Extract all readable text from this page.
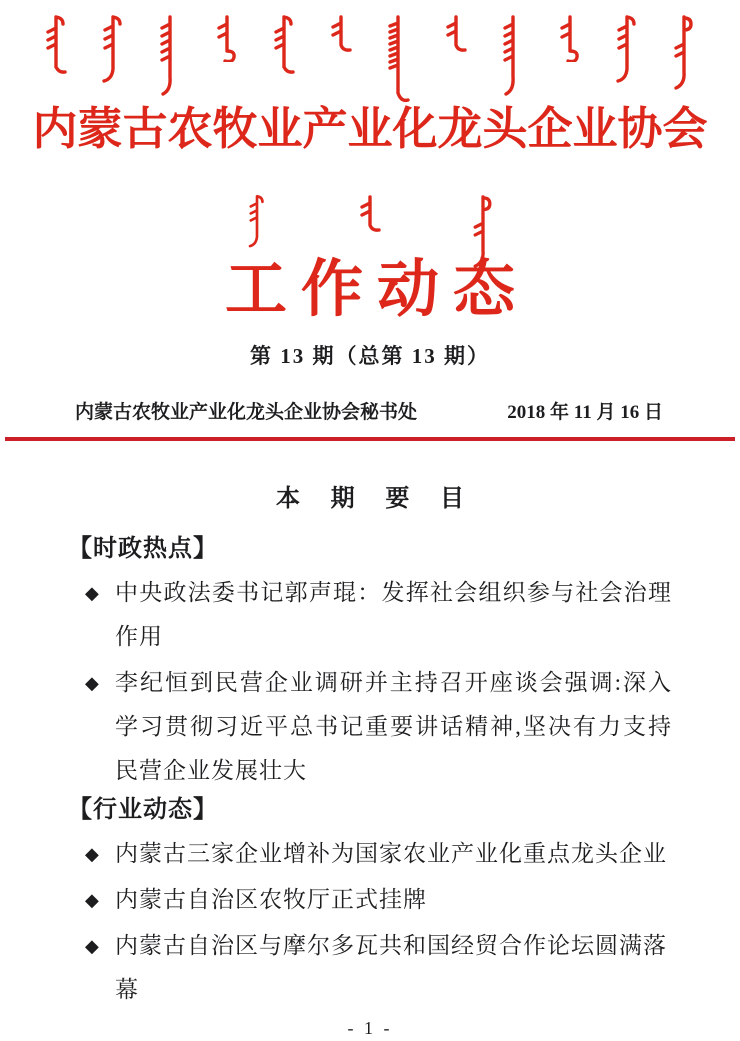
内蒙古农牧业产业化龙头企业协会
工作动态
第 13 期（总第 13 期）
内蒙古农牧业产业化龙头企业协会秘书处	2018 年 11 月 16 日
本 期 要 目
【时政热点】
◆ 中央政法委书记郭声琨：发挥社会组织参与社会治理
作用
◆ 李纪恒到民营企业调研并主持召开座谈会强调:深入
学习贯彻习近平总书记重要讲话精神,坚决有力支持
民营企业发展壮大
【行业动态】
◆ 内蒙古三家企业增补为国家农业产业化重点龙头企业
◆ 内蒙古自治区农牧厅正式挂牌
◆ 内蒙古自治区与摩尔多瓦共和国经贸合作论坛圆满落幕
- 1 -
